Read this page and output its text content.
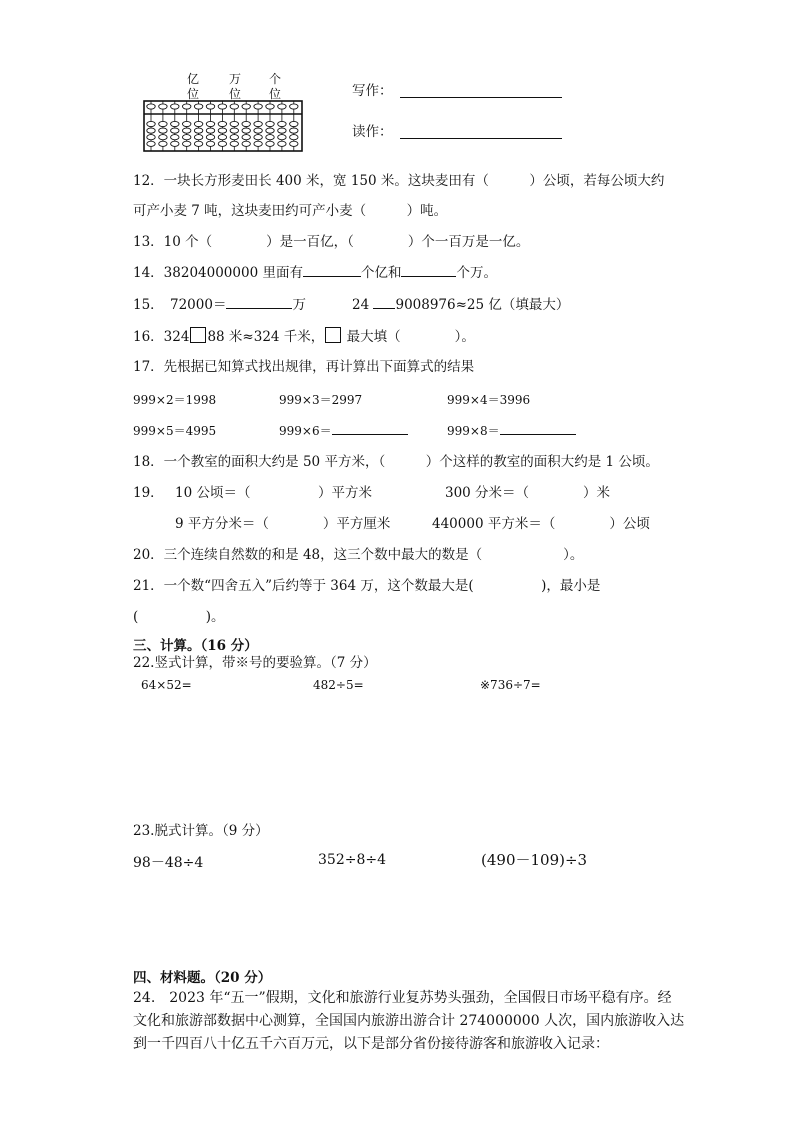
亿
位
万
位
个
位	写作：
读作：
12．一块长方形麦田长 400 米，宽 150 米。这块麦田有（　　　）公顷，若每公顷大约
可产小麦 7 吨，这块麦田约可产小麦（　　　）吨。
13．10 个（　　　　）是一百亿，（　　　　）个一百万是一亿。
14．38204000000 里面有	个亿和	个万。
15． 72000＝	万	24 9008976≈25 亿（填最大）
16．324 88 米≈324 千米， 最大填（　　　　）。
17．先根据已知算式找出规律，再计算出下面算式的结果
999×2＝1998	999×3＝2997	999×4＝3996
999×5＝4995	999×6＝	999×8＝
18．一个教室的面积大约是 50 平方米，（　　　）个这样的教室的面积大约是 1 公顷。
19． 10 公顷＝（　　　　　）平方米	300 分米＝（　　　　）米
9 平方分米＝（　　　　）平方厘米	440000 平方米＝（　　　　）公顷
20．三个连续自然数的和是 48，这三个数中最大的数是（　　　　　　）。
21．一个数“四舍五入”后约等于 364 万，这个数最大是(　　　　　)，最小是
(　　　　　)。
三、计算。（16 分）
22.竖式计算，带※号的要验算。（7 分）
64×52=	482÷5=	※736÷7=
23.脱式计算。（9 分）
98－48÷4	352÷8÷4	(490－109)÷3
四、材料题。（20 分）
24.　2023 年“五一”假期，文化和旅游行业复苏势头强劲，全国假日市场平稳有序。经
文化和旅游部数据中心测算，全国国内旅游出游合计 274000000 人次，国内旅游收入达
到一千四百八十亿五千六百万元，以下是部分省份接待游客和旅游收入记录：
